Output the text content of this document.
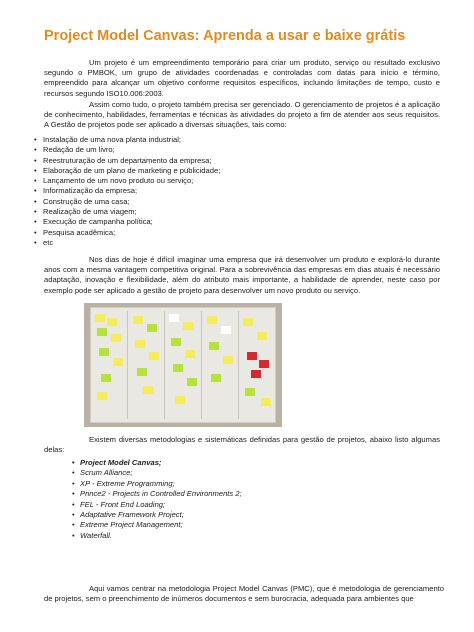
Project Model Canvas: Aprenda a usar e baixe grátis

Um projeto é um empreendimento temporário para criar um produto, serviço ou resultado exclusivo segundo o PMBOK, um grupo de atividades coordenadas e controladas com datas para início e término, empreendido para alcançar um objetivo conforme requisitos específicos, incluindo limitações de tempo, custo e recursos segundo ISO10.006:2003.

Assim como tudo, o projeto também precisa ser gerenciado. O gerenciamento de projetos é a aplicação de conhecimento, habilidades, ferramentas e técnicas às atividades do projeto a fim de atender aos seus requisitos. A Gestão de projetos pode ser aplicado a diversas situações, tais como:

• Instalação de uma nova planta industrial;
• Redação de um livro;
• Reestruturação de um departamento da empresa;
• Elaboração de um plano de marketing e publicidade;
• Lançamento de um novo produto ou serviço;
• Informatização da empresa;
• Construção de uma casa;
• Realização de uma viagem;
• Execução de campanha política;
• Pesquisa acadêmica;
• etc

Nos dias de hoje é difícil imaginar uma empresa que irá desenvolver um produto e explorá-lo durante anos com a mesma vantagem competitiva original. Para a sobrevivência das empresas em dias atuais é necessário adaptação, inovação e flexibilidade, além do atributo mais importante, a habilidade de aprender, neste caso por exemplo pode ser aplicado a gestão de projeto para desenvolver um novo produto ou serviço.

Existem diversas metodologias e sistemáticas definidas para gestão de projetos, abaixo listo algumas delas:

• Project Model Canvas;
• Scrum Alliance;
• XP - Extreme Programming;
• Prince2 - Projects in Controlled Environments 2;
• FEL - Front End Loading;
• Adaptative Framework Project;
• Extreme Project Management;
• Waterfall.

Aqui vamos centrar na metodologia Project Model Canvas (PMC), que é metodologia de gerenciamento de projetos, sem o preenchimento de inúmeros documentos e sem burocracia, adequada para ambientes que
